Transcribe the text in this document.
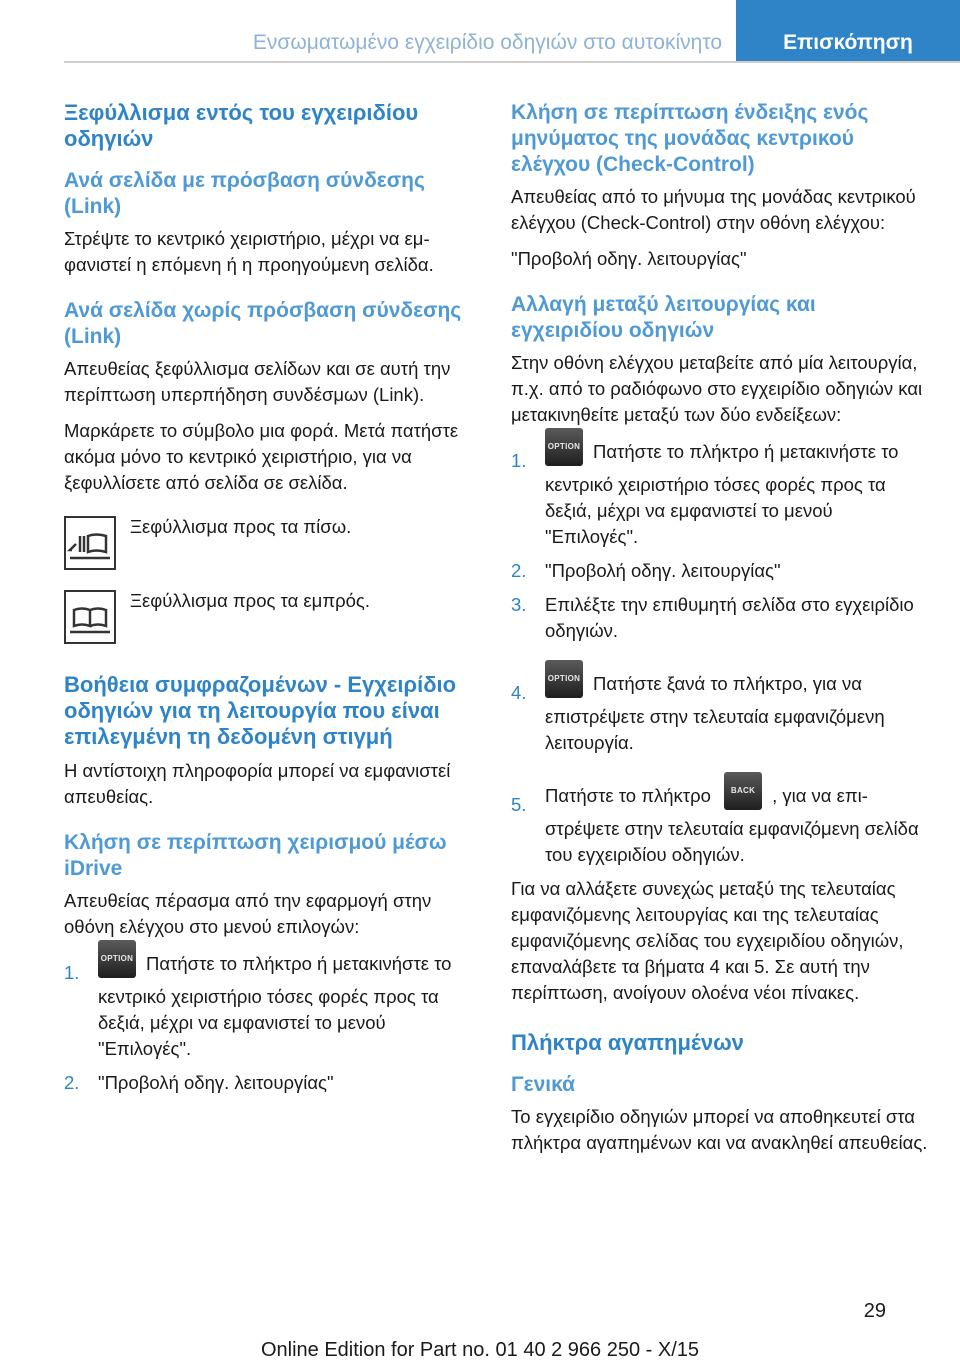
Ενσωματωμένο εγχειρίδιο οδηγιών στο αυτοκίνητο	Επισκόπηση
Ξεφύλλισμα εντός του εγχειριδίου οδηγιών
Ανά σελίδα με πρόσβαση σύνδεσης (Link)

Στρέψτε το κεντρικό χειριστήριο, μέχρι να εμφανιστεί η επόμενη ή η προηγούμενη σελίδα.

Ανά σελίδα χωρίς πρόσβαση σύνδεσης (Link)

Απευθείας ξεφύλλισμα σελίδων και σε αυτή την περίπτωση υπερπήδηση συνδέσμων (Link).

Μαρκάρετε το σύμβολο μια φορά. Μετά πατήστε ακόμα μόνο το κεντρικό χειριστήριο, για να ξεφυλλίσετε από σελίδα σε σελίδα.

Ξεφύλλισμα προς τα πίσω.

Ξεφύλλισμα προς τα εμπρός.

Βοήθεια συμφραζομένων - Εγχειρίδιο οδηγιών για τη λειτουργία που είναι επιλεγμένη τη δεδομένη στιγμή

Η αντίστοιχη πληροφορία μπορεί να εμφανιστεί απευθείας.

Κλήση σε περίπτωση χειρισμού μέσω iDrive

Απευθείας πέρασμα από την εφαρμογή στην οθόνη ελέγχου στο μενού επιλογών:

1.
OPTION Πατήστε το πλήκτρο ή μετακινήστε το κεντρικό χειριστήριο τόσες φορές προς τα δεξιά, μέχρι να εμφανιστεί το μενού "Επιλογές".
2. "Προβολή οδηγ. λειτουργίας"
Κλήση σε περίπτωση ένδειξης ενός μηνύματος της μονάδας κεντρικού ελέγχου (Check-Control)

Απευθείας από το μήνυμα της μονάδας κεντρικού ελέγχου (Check-Control) στην οθόνη ελέγχου:

"Προβολή οδηγ. λειτουργίας"

Αλλαγή μεταξύ λειτουργίας και εγχειριδίου οδηγιών

Στην οθόνη ελέγχου μεταβείτε από μία λειτουργία, π.χ. από το ραδιόφωνο στο εγχειρίδιο οδηγιών και μετακινηθείτε μεταξύ των δύο ενδείξεων:

1.
OPTION Πατήστε το πλήκτρο ή μετακινήστε το κεντρικό χειριστήριο τόσες φορές προς τα δεξιά, μέχρι να εμφανιστεί το μενού "Επιλογές".
2. "Προβολή οδηγ. λειτουργίας"
3. Επιλέξτε την επιθυμητή σελίδα στο εγχειρίδιο οδηγιών.
4.
OPTION Πατήστε ξανά το πλήκτρο, για να επιστρέψετε στην τελευταία εμφανιζόμενη λειτουργία.
5. Πατήστε το πλήκτρο BACK , για να επιστρέψετε στην τελευταία εμφανιζόμενη σελίδα του εγχειριδίου οδηγιών.

Για να αλλάξετε συνεχώς μεταξύ της τελευταίας εμφανιζόμενης λειτουργίας και της τελευταίας εμφανιζόμενης σελίδας του εγχειριδίου οδηγιών, επαναλάβετε τα βήματα 4 και 5. Σε αυτή την περίπτωση, ανοίγουν ολοένα νέοι πίνακες.

Πλήκτρα αγαπημένων
Γενικά

Το εγχειρίδιο οδηγιών μπορεί να αποθηκευτεί στα πλήκτρα αγαπημένων και να ανακληθεί απευθείας.

29
Online Edition for Part no. 01 40 2 966 250 - X/15
